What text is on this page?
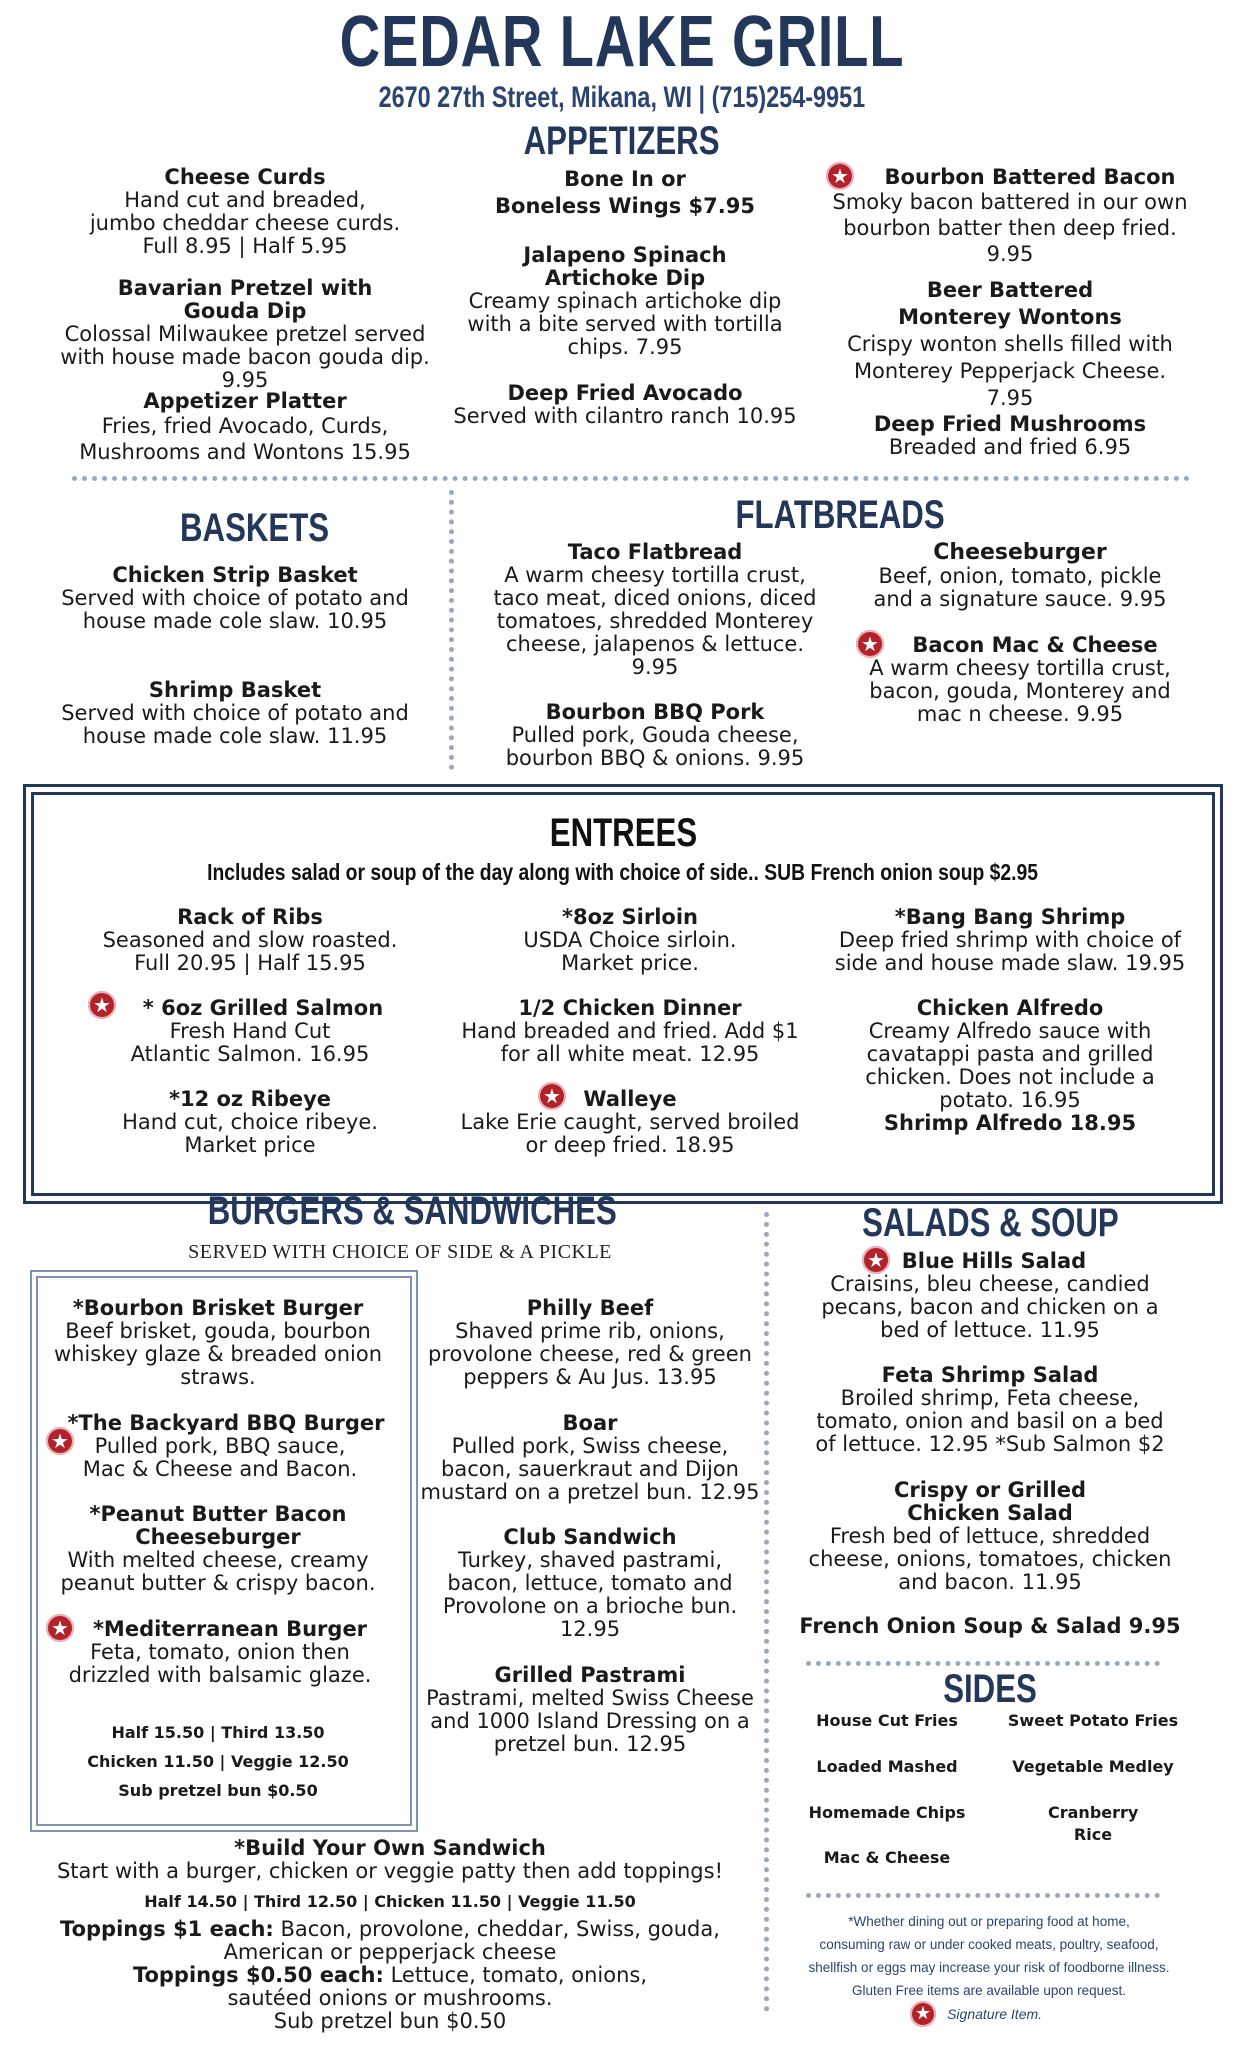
CEDAR LAKE GRILL
2670 27th Street, Mikana, WI | (715)254-9951
APPETIZERS
Cheese Curds
Hand cut and breaded,
jumbo cheddar cheese curds.
Full 8.95 | Half 5.95
Bavarian Pretzel with
Gouda Dip
Colossal Milwaukee pretzel served
with house made bacon gouda dip.
9.95
Appetizer Platter
Fries, fried Avocado, Curds,
Mushrooms and Wontons 15.95
Bone In or
Boneless Wings $7.95
Jalapeno Spinach
Artichoke Dip
Creamy spinach artichoke dip
with a bite served with tortilla
chips. 7.95
Deep Fried Avocado
Served with cilantro ranch 10.95
★	Bourbon Battered Bacon
Smoky bacon battered in our own
bourbon batter then deep fried.
9.95
Beer Battered
Monterey Wontons
Crispy wonton shells filled with
Monterey Pepperjack Cheese.
7.95
Deep Fried Mushrooms
Breaded and fried 6.95
BASKETS
Chicken Strip Basket
Served with choice of potato and
house made cole slaw. 10.95
Shrimp Basket
Served with choice of potato and
house made cole slaw. 11.95
FLATBREADS
Taco Flatbread
A warm cheesy tortilla crust,
taco meat, diced onions, diced
tomatoes, shredded Monterey
cheese, jalapenos & lettuce.
9.95
Bourbon BBQ Pork
Pulled pork, Gouda cheese,
bourbon BBQ & onions. 9.95
Cheeseburger
Beef, onion, tomato, pickle
and a signature sauce. 9.95
★	Bacon Mac & Cheese
A warm cheesy tortilla crust,
bacon, gouda, Monterey and
mac n cheese. 9.95
ENTREES
Includes salad or soup of the day along with choice of side.. SUB French onion soup $2.95
Rack of Ribs
Seasoned and slow roasted.
Full 20.95 | Half 15.95
★	* 6oz Grilled Salmon
Fresh Hand Cut
Atlantic Salmon. 16.95
*12 oz Ribeye
Hand cut, choice ribeye.
Market price
*8oz Sirloin
USDA Choice sirloin.
Market price.
1/2 Chicken Dinner
Hand breaded and fried. Add $1
for all white meat. 12.95
★	Walleye
Lake Erie caught, served broiled
or deep fried. 18.95
*Bang Bang Shrimp
Deep fried shrimp with choice of
side and house made slaw. 19.95
Chicken Alfredo
Creamy Alfredo sauce with
cavatappi pasta and grilled
chicken. Does not include a
potato. 16.95
Shrimp Alfredo 18.95
BURGERS & SANDWICHES
SERVED WITH CHOICE OF SIDE & A PICKLE
*Bourbon Brisket Burger
Beef brisket, gouda, bourbon
whiskey glaze & breaded onion
straws.
★
*The Backyard BBQ Burger
Pulled pork, BBQ sauce,
Mac & Cheese and Bacon.
*Peanut Butter Bacon
Cheeseburger
With melted cheese, creamy
peanut butter & crispy bacon.
★	*Mediterranean Burger
Feta, tomato, onion then
drizzled with balsamic glaze.
Half 15.50 | Third 13.50
Chicken 11.50 | Veggie 12.50
Sub pretzel bun $0.50
Philly Beef
Shaved prime rib, onions,
provolone cheese, red & green
peppers & Au Jus. 13.95
Boar
Pulled pork, Swiss cheese,
bacon, sauerkraut and Dijon
mustard on a pretzel bun. 12.95
Club Sandwich
Turkey, shaved pastrami,
bacon, lettuce, tomato and
Provolone on a brioche bun.
12.95
Grilled Pastrami
Pastrami, melted Swiss Cheese
and 1000 Island Dressing on a
pretzel bun. 12.95
*Build Your Own Sandwich
Start with a burger, chicken or veggie patty then add toppings!
Half 14.50 | Third 12.50 | Chicken 11.50 | Veggie 11.50
Toppings $1 each: Bacon, provolone, cheddar, Swiss, gouda,
American or pepperjack cheese
Toppings $0.50 each: Lettuce, tomato, onions,
sautéed onions or mushrooms.
Sub pretzel bun $0.50
SALADS & SOUP
★ Blue Hills Salad
Craisins, bleu cheese, candied
pecans, bacon and chicken on a
bed of lettuce. 11.95
Feta Shrimp Salad
Broiled shrimp, Feta cheese,
tomato, onion and basil on a bed
of lettuce. 12.95 *Sub Salmon $2
Crispy or Grilled
Chicken Salad
Fresh bed of lettuce, shredded
cheese, onions, tomatoes, chicken
and bacon. 11.95
French Onion Soup & Salad 9.95
SIDES
House Cut Fries	Sweet Potato Fries
Loaded Mashed	Vegetable Medley
Homemade Chips	Cranberry Rice
Mac & Cheese
*Whether dining out or preparing food at home,
consuming raw or under cooked meats, poultry, seafood,
shellfish or eggs may increase your risk of foodborne illness.
Gluten Free items are available upon request.
★ Signature Item.
